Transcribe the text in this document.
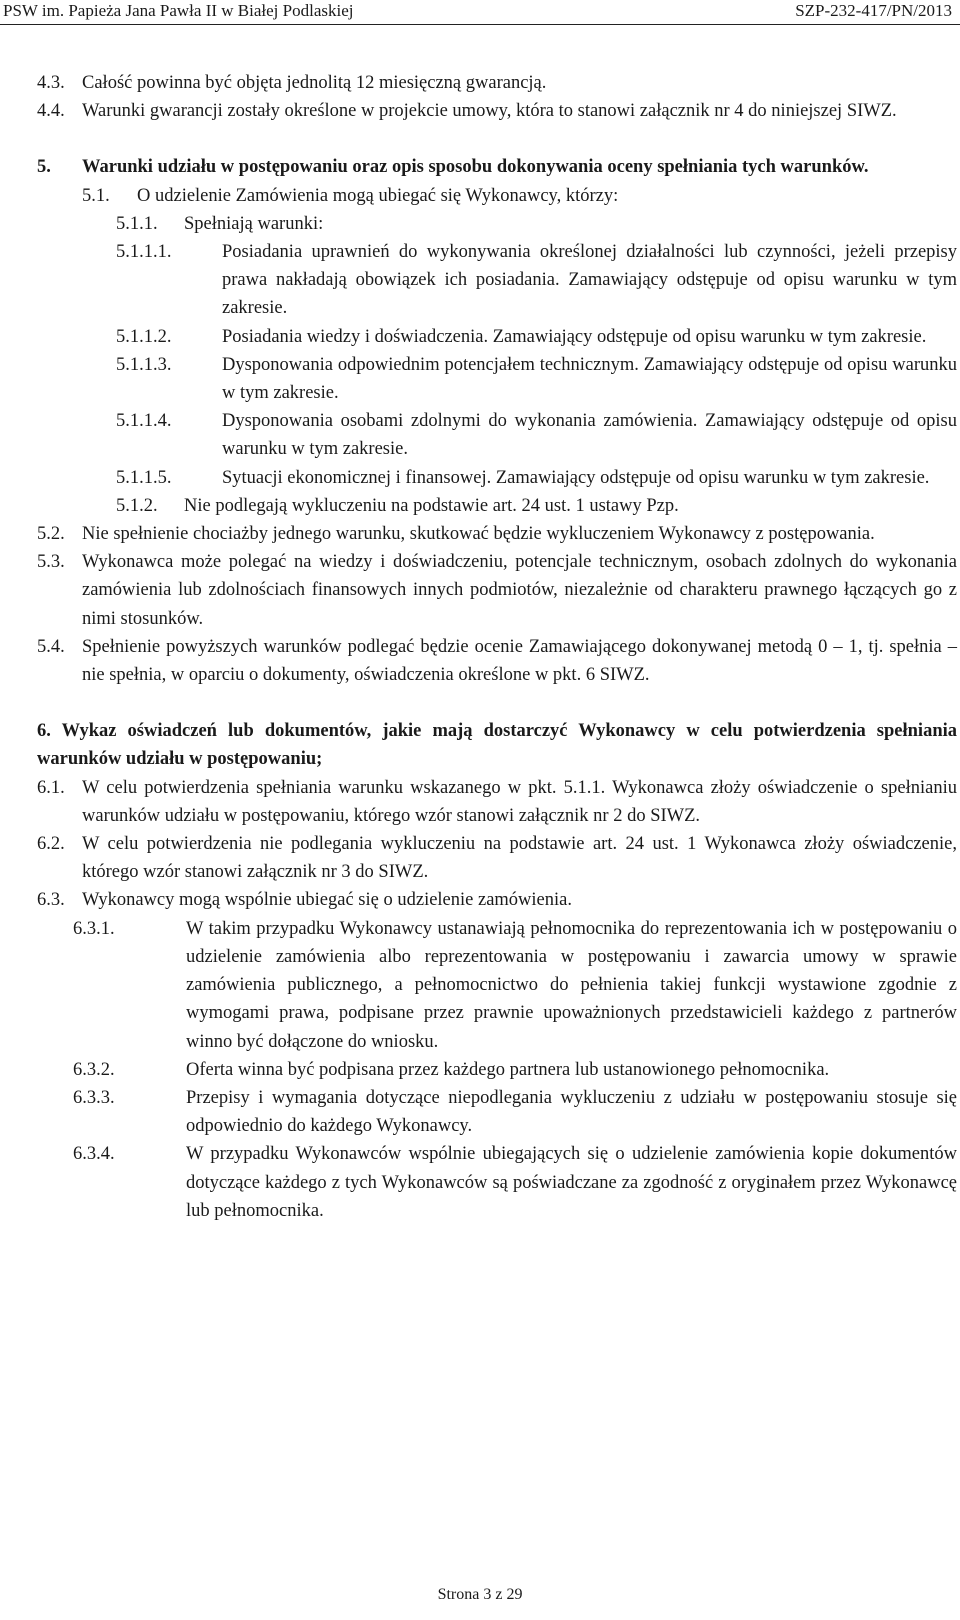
PSW im. Papieża Jana Pawła II w Białej Podlaskiej	SZP-232-417/PN/2013
4.3. Całość powinna być objęta jednolitą 12 miesięczną gwarancją.
4.4. Warunki gwarancji zostały określone w projekcie umowy, która to stanowi załącznik nr 4 do niniejszej SIWZ.
5. Warunki udziału w postępowaniu oraz opis sposobu dokonywania oceny spełniania tych warunków.
5.1. O udzielenie Zamówienia mogą ubiegać się Wykonawcy, którzy:
5.1.1. Spełniają warunki:
5.1.1.1.	Posiadania uprawnień do wykonywania określonej działalności lub czynności, jeżeli przepisy prawa nakładają obowiązek ich posiadania. Zamawiający odstępuje od opisu warunku w tym zakresie.
5.1.1.2.	Posiadania wiedzy i doświadczenia. Zamawiający odstępuje od opisu warunku w tym zakresie.
5.1.1.3.	Dysponowania odpowiednim potencjałem technicznym. Zamawiający odstępuje od opisu warunku w tym zakresie.
5.1.1.4.	Dysponowania osobami zdolnymi do wykonania zamówienia. Zamawiający odstępuje od opisu warunku w tym zakresie.
5.1.1.5.	Sytuacji ekonomicznej i finansowej. Zamawiający odstępuje od opisu warunku w tym zakresie.
5.1.2. Nie podlegają wykluczeniu na podstawie art. 24 ust. 1 ustawy Pzp.
5.2. Nie spełnienie chociażby jednego warunku, skutkować będzie wykluczeniem Wykonawcy z postępowania.
5.3. Wykonawca może polegać na wiedzy i doświadczeniu, potencjale technicznym, osobach zdolnych do wykonania zamówienia lub zdolnościach finansowych innych podmiotów, niezależnie od charakteru prawnego łączących go z nimi stosunków.
5.4. Spełnienie powyższych warunków podlegać będzie ocenie Zamawiającego dokonywanej metodą 0 – 1, tj. spełnia – nie spełnia, w oparciu o dokumenty, oświadczenia określone w pkt. 6 SIWZ.
6. Wykaz oświadczeń lub dokumentów, jakie mają dostarczyć Wykonawcy w celu potwierdzenia spełniania warunków udziału w postępowaniu;
6.1. W celu potwierdzenia spełniania warunku wskazanego w pkt. 5.1.1. Wykonawca złoży oświadczenie o spełnianiu warunków udziału w postępowaniu, którego wzór stanowi załącznik nr 2 do SIWZ.
6.2. W celu potwierdzenia nie podlegania wykluczeniu na podstawie art. 24 ust. 1 Wykonawca złoży oświadczenie, którego wzór stanowi załącznik nr 3 do SIWZ.
6.3. Wykonawcy mogą wspólnie ubiegać się o udzielenie zamówienia.
6.3.1.	W takim przypadku Wykonawcy ustanawiają pełnomocnika do reprezentowania ich w postępowaniu o udzielenie zamówienia albo reprezentowania w postępowaniu i zawarcia umowy w sprawie zamówienia publicznego, a pełnomocnictwo do pełnienia takiej funkcji wystawione zgodnie z wymogami prawa, podpisane przez prawnie upoważnionych przedstawicieli każdego z partnerów winno być dołączone do wniosku.
6.3.2.	Oferta winna być podpisana przez każdego partnera lub ustanowionego pełnomocnika.
6.3.3.	Przepisy i wymagania dotyczące niepodlegania wykluczeniu z udziału w postępowaniu stosuje się odpowiednio do każdego Wykonawcy.
6.3.4.	W przypadku Wykonawców wspólnie ubiegających się o udzielenie zamówienia kopie dokumentów dotyczące każdego z tych Wykonawców są poświadczane za zgodność z oryginałem przez Wykonawcę lub pełnomocnika.
Strona 3 z 29
